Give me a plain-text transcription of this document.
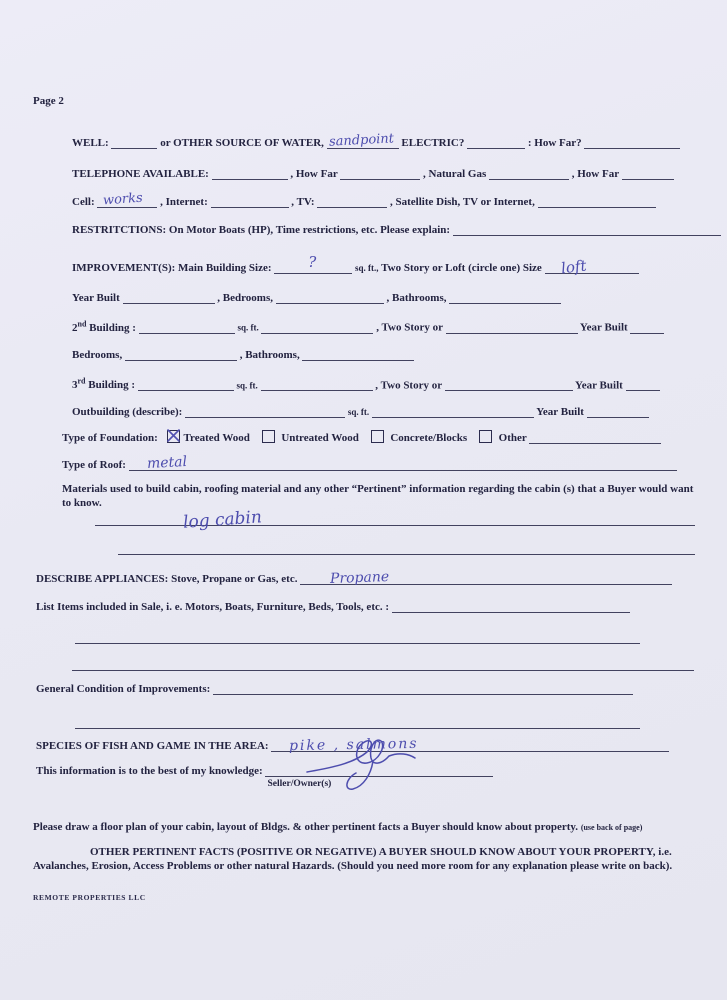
Page 2
WELL:	or OTHER SOURCE OF WATER, sandpoint ELECTRIC?	: How Far?
TELEPHONE AVAILABLE:	, How Far	, Natural Gas	, How Far
Cell: works , Internet:	, TV:	, Satellite Dish, TV or Internet,
RESTRITCTIONS: On Motor Boats (HP), Time restrictions, etc. Please explain:
IMPROVEMENT(S): Main Building Size: ?	sq. ft., Two Story or Loft (circle one) Size loft
Year Built	, Bedrooms,	, Bathrooms,
2nd Building :	sq. ft.	, Two Story or	Year Built
Bedrooms,	, Bathrooms,
3rd Building :	sq. ft.	, Two Story or	Year Built
Outbuilding (describe):	sq. ft.	Year Built
Type of Foundation: Treated Wood	Untreated Wood	Concrete/Blocks	Other
Type of Roof: metal
Materials used to build cabin, roofing material and any other “Pertinent” information regarding the cabin (s) that a Buyer would want to know.
log cabin
DESCRIBE APPLIANCES: Stove, Propane or Gas, etc. Propane
List Items included in Sale, i. e. Motors, Boats, Furniture, Beds, Tools, etc. :
General Condition of Improvements:
SPECIES OF FISH AND GAME IN THE AREA: pike , salmons
This information is to the best of my knowledge:
Seller/Owner(s)
Please draw a floor plan of your cabin, layout of Bldgs. & other pertinent facts a Buyer should know about property. (use back of page)
OTHER PERTINENT FACTS (POSITIVE OR NEGATIVE) A BUYER SHOULD KNOW ABOUT YOUR PROPERTY, i.e. Avalanches, Erosion, Access Problems or other natural Hazards. (Should you need more room for any explanation please write on back).
REMOTE PROPERTIES LLC
